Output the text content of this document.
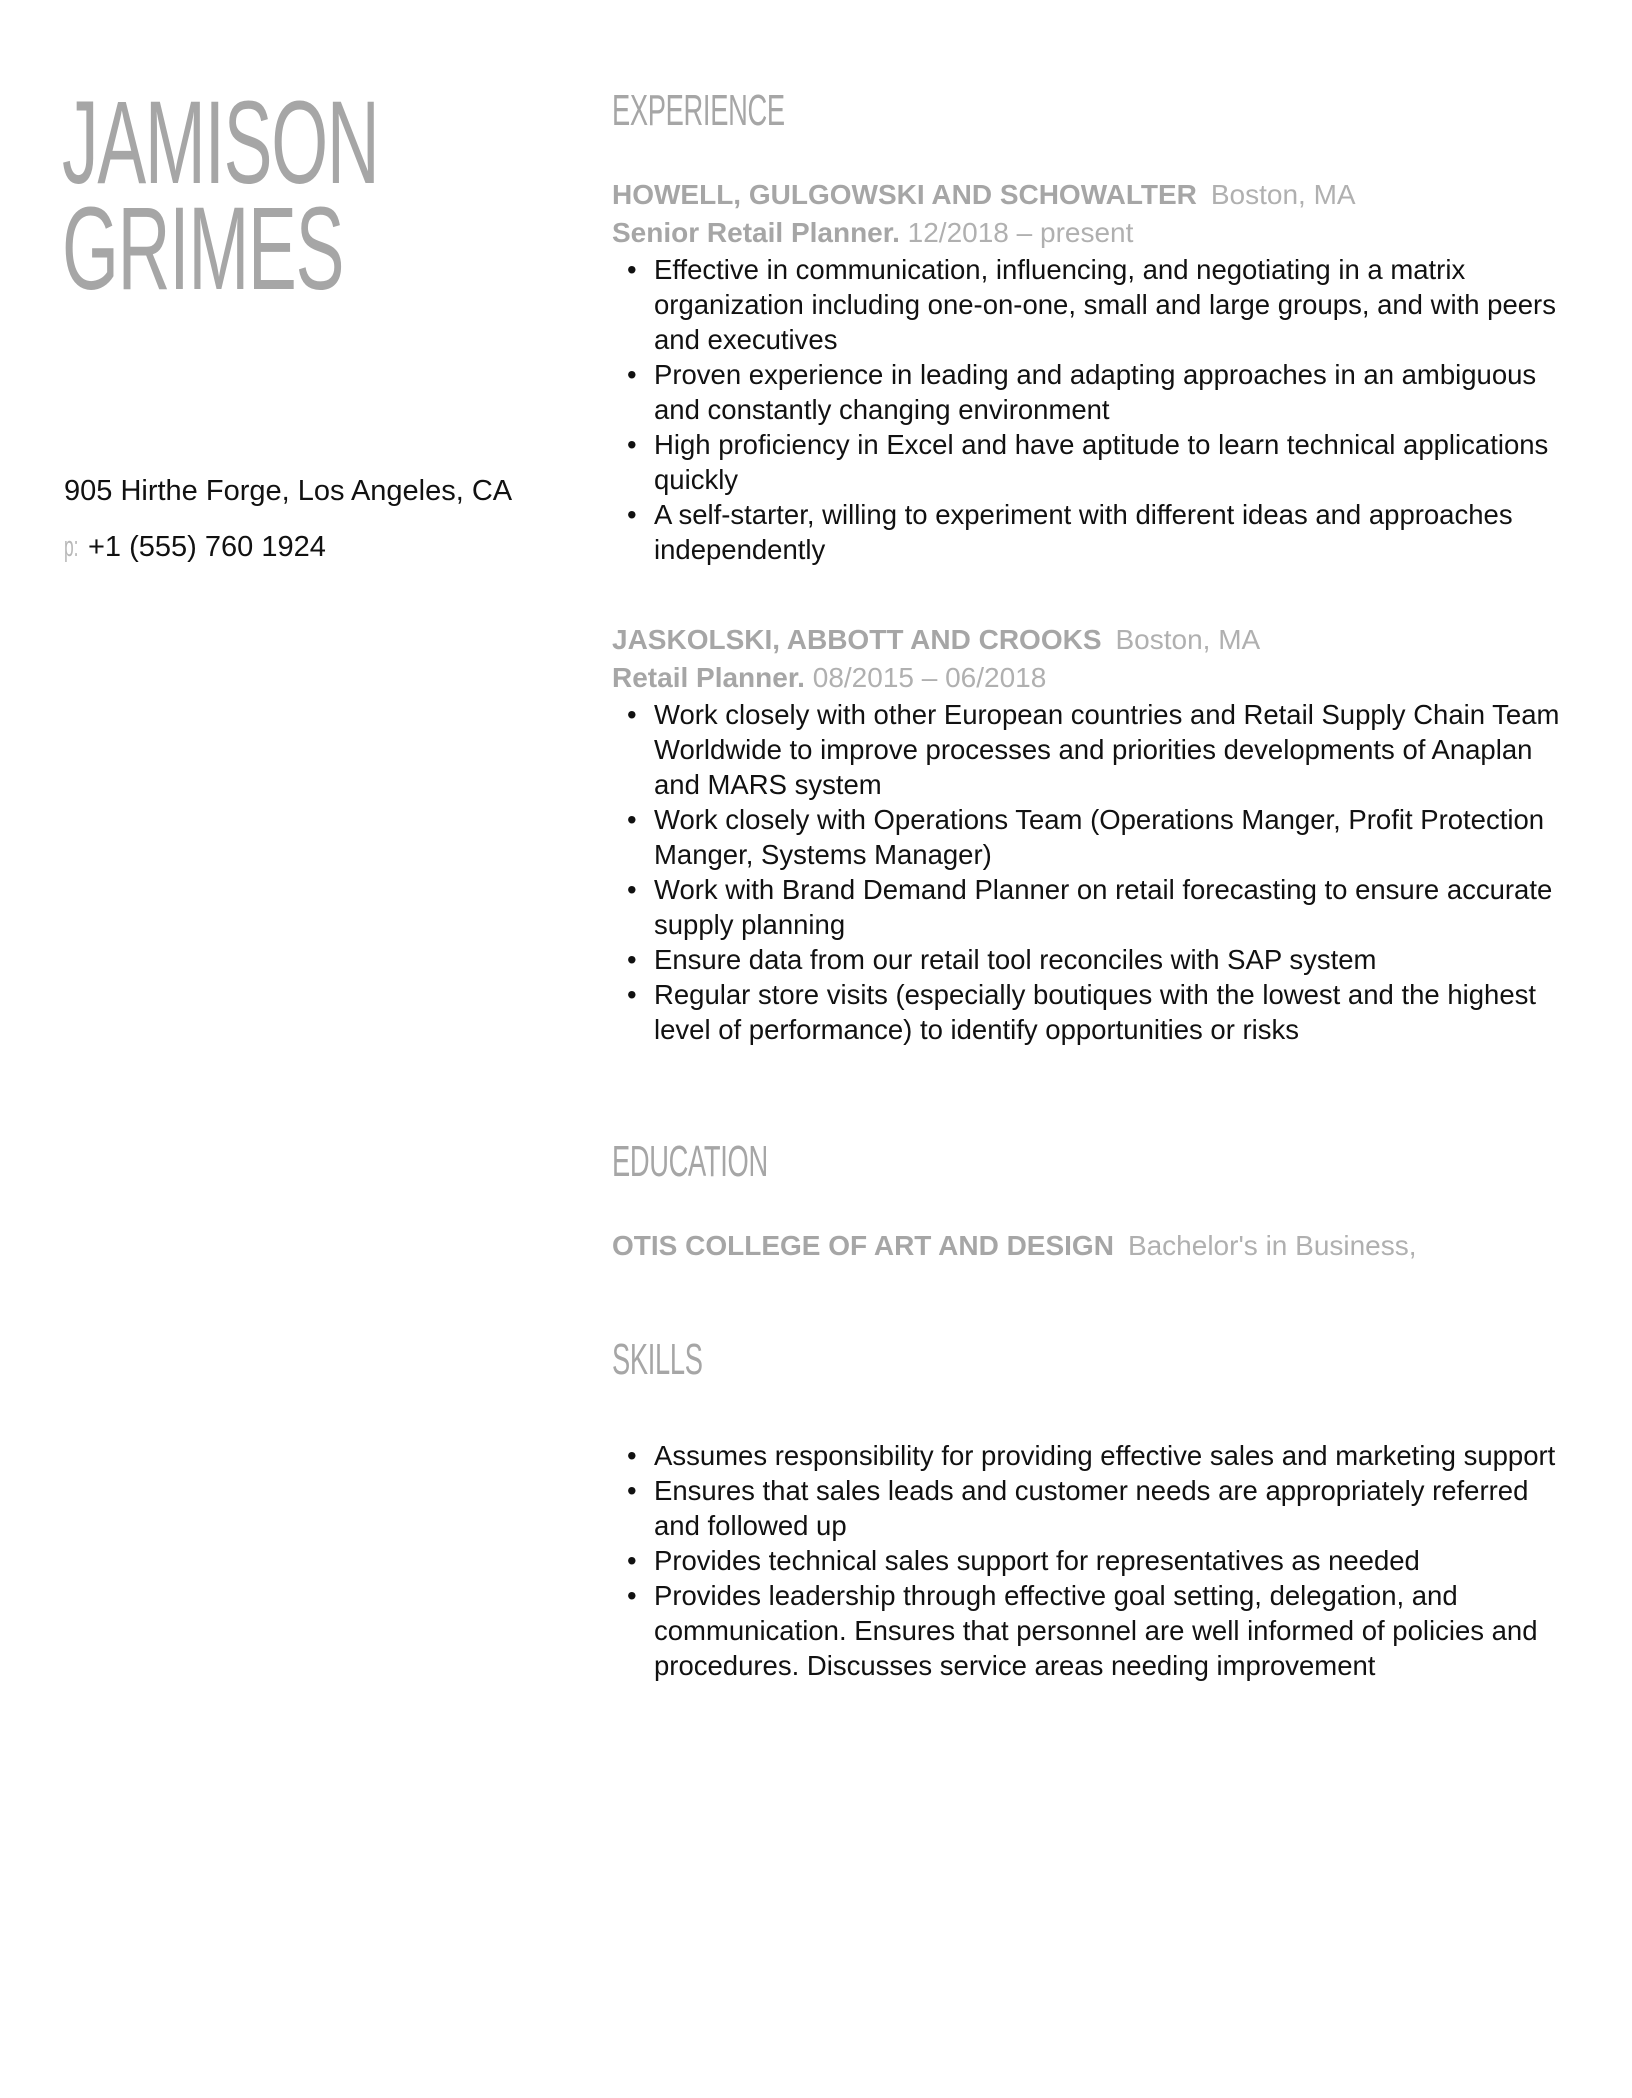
JAMISON
GRIMES
905 Hirthe Forge, Los Angeles, CA
p: +1 (555) 760 1924
EXPERIENCE
HOWELL, GULGOWSKI AND SCHOWALTER Boston, MA
Senior Retail Planner. 12/2018 – present
• Effective in communication, influencing, and negotiating in a matrix organization including one-on-one, small and large groups, and with peers and executives
• Proven experience in leading and adapting approaches in an ambiguous and constantly changing environment
• High proficiency in Excel and have aptitude to learn technical applications quickly
• A self-starter, willing to experiment with different ideas and approaches independently
JASKOLSKI, ABBOTT AND CROOKS Boston, MA
Retail Planner. 08/2015 – 06/2018
• Work closely with other European countries and Retail Supply Chain Team Worldwide to improve processes and priorities developments of Anaplan and MARS system
• Work closely with Operations Team (Operations Manger, Profit Protection Manger, Systems Manager)
• Work with Brand Demand Planner on retail forecasting to ensure accurate supply planning
• Ensure data from our retail tool reconciles with SAP system
• Regular store visits (especially boutiques with the lowest and the highest level of performance) to identify opportunities or risks
EDUCATION
OTIS COLLEGE OF ART AND DESIGN Bachelor's in Business,
SKILLS
• Assumes responsibility for providing effective sales and marketing support
• Ensures that sales leads and customer needs are appropriately referred and followed up
• Provides technical sales support for representatives as needed
• Provides leadership through effective goal setting, delegation, and communication. Ensures that personnel are well informed of policies and procedures. Discusses service areas needing improvement
